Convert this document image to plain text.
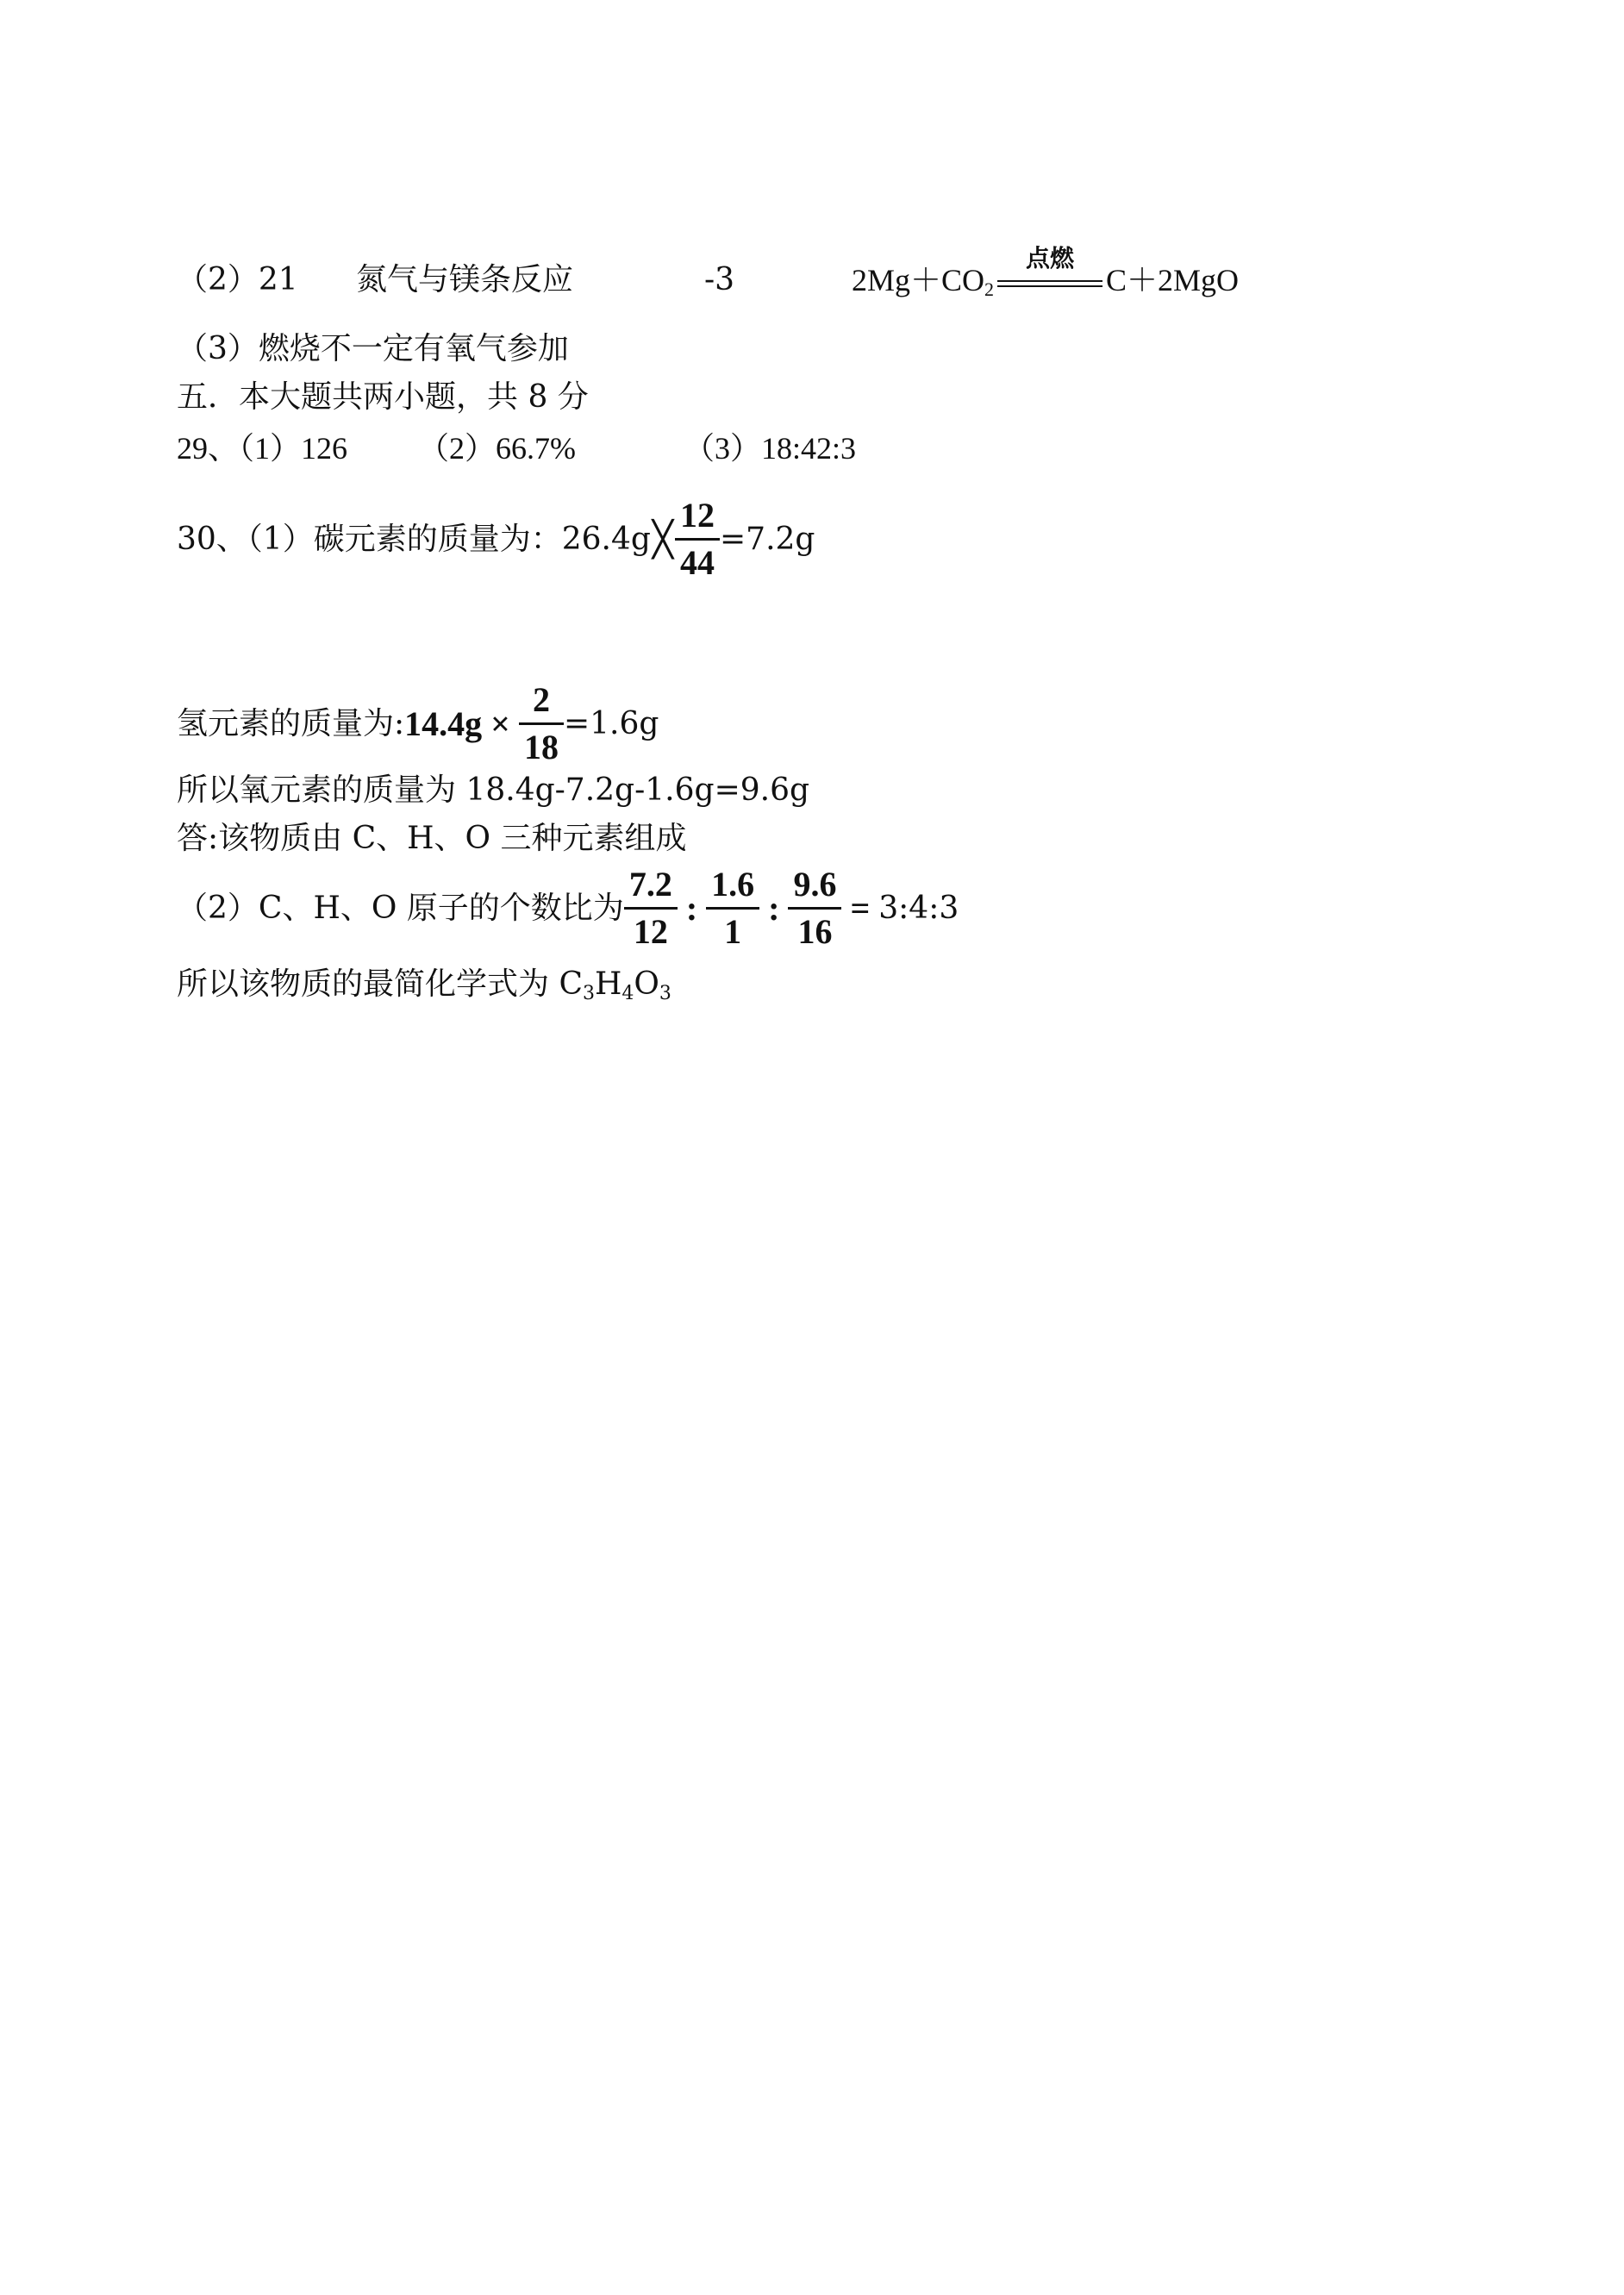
（2）21 氮气与镁条反应	-3	$2Mg+CO_2$
点燃
C＋2MgO
（3）燃烧不一定有氧气参加
五．本大题共两小题，共 8 分
29、（1）126 （2）66.7%	（3）18:42:3
30、（1）碳元素的质量为：26.4g ╳ $\frac{12}{44} =7.2g$
氢元素的质量为: $14.4g \times \frac{2}{18} =1.6g$
所以氧元素的质量为 18.4g-7.2g-1.6g=9.6g
答:该物质由 C、H、O 三种元素组成
（2）C、H、O 原子的个数比为 $\frac{7.2}{12}$ : $\frac{1.6}{1}$ : $\frac{9.6}{16}$ = 3:4:3
所以该物质的最简化学式为 $C_3H_4O_3$
